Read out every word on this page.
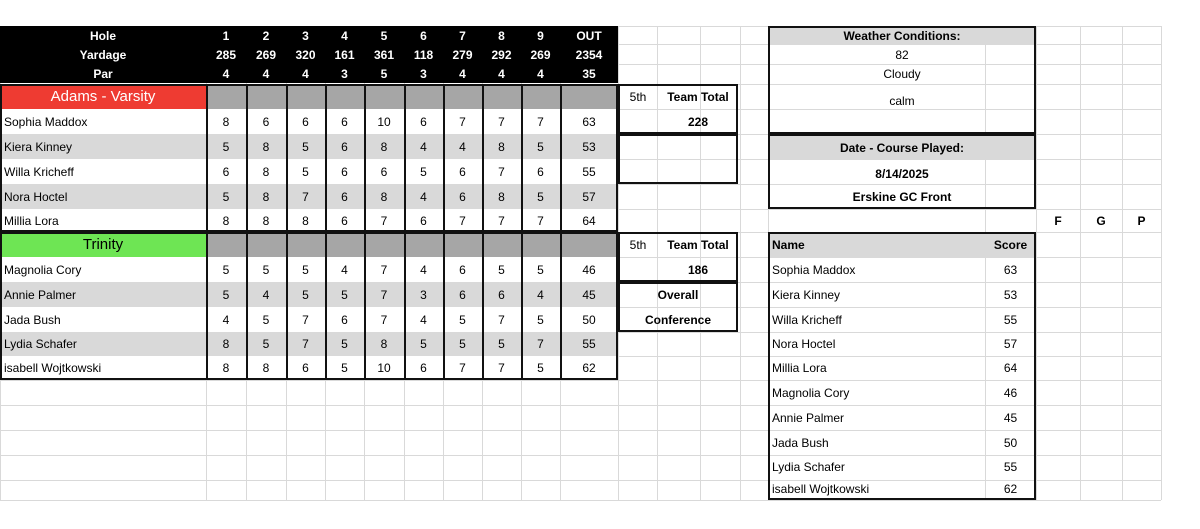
Hole	1	2	3	4	5	6	7	8	9	OUT
Yardage	285	269	320	161	361	118	279	292	269	2354
Par	4	4	4	3	5	3	4	4	4	35
Adams - Varsity
Sophia Maddox	8	6	6	6	10	6	7	7	7	63
Kiera Kinney	5	8	5	6	8	4	4	8	5	53
Willa Kricheff	6	8	5	6	6	5	6	7	6	55
Nora Hoctel	5	8	7	6	8	4	6	8	5	57
Millia Lora	8	8	8	6	7	6	7	7	7	64
Trinity
Magnolia Cory	5	5	5	4	7	4	6	5	5	46
Annie Palmer	5	4	5	5	7	3	6	6	4	45
Jada Bush	4	5	7	6	7	4	5	7	5	50
Lydia Schafer	8	5	7	5	8	5	5	5	7	55
isabell Wojtkowski	8	8	6	5	10	6	7	7	5	62
5th	Team Total
228
5th	Team Total
186
Overall
Conference
Weather Conditions:
82
Cloudy
calm
Date - Course Played:
8/14/2025
Erskine GC Front
F	G	P
Name	Score
Sophia Maddox	63
Kiera Kinney	53
Willa Kricheff	55
Nora Hoctel	57
Millia Lora	64
Magnolia Cory	46
Annie Palmer	45
Jada Bush	50
Lydia Schafer	55
isabell Wojtkowski	62
